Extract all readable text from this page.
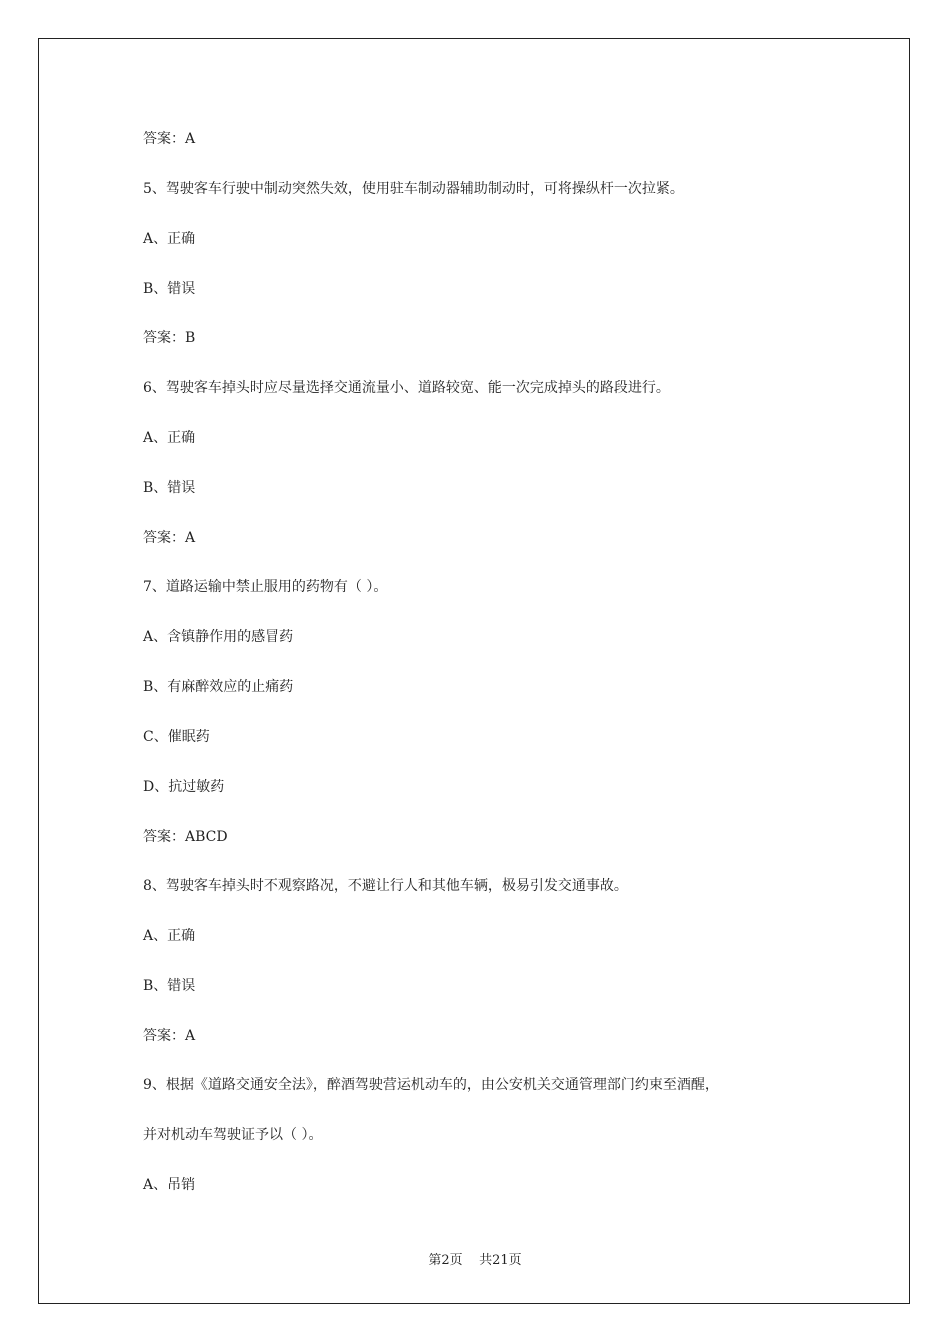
答案：A
5、驾驶客车行驶中制动突然失效，使用驻车制动器辅助制动时，可将操纵杆一次拉紧。
A、正确
B、错误
答案：B
6、驾驶客车掉头时应尽量选择交通流量小、道路较宽、能一次完成掉头的路段进行。
A、正确
B、错误
答案：A
7、道路运输中禁止服用的药物有（ ）。
A、含镇静作用的感冒药
B、有麻醉效应的止痛药
C、催眠药
D、抗过敏药
答案：ABCD
8、驾驶客车掉头时不观察路况，不避让行人和其他车辆，极易引发交通事故。
A、正确
B、错误
答案：A
9、根据《道路交通安全法》，醉酒驾驶营运机动车的，由公安机关交通管理部门约束至酒醒，
并对机动车驾驶证予以（ ）。
A、吊销
第2页    共21页
